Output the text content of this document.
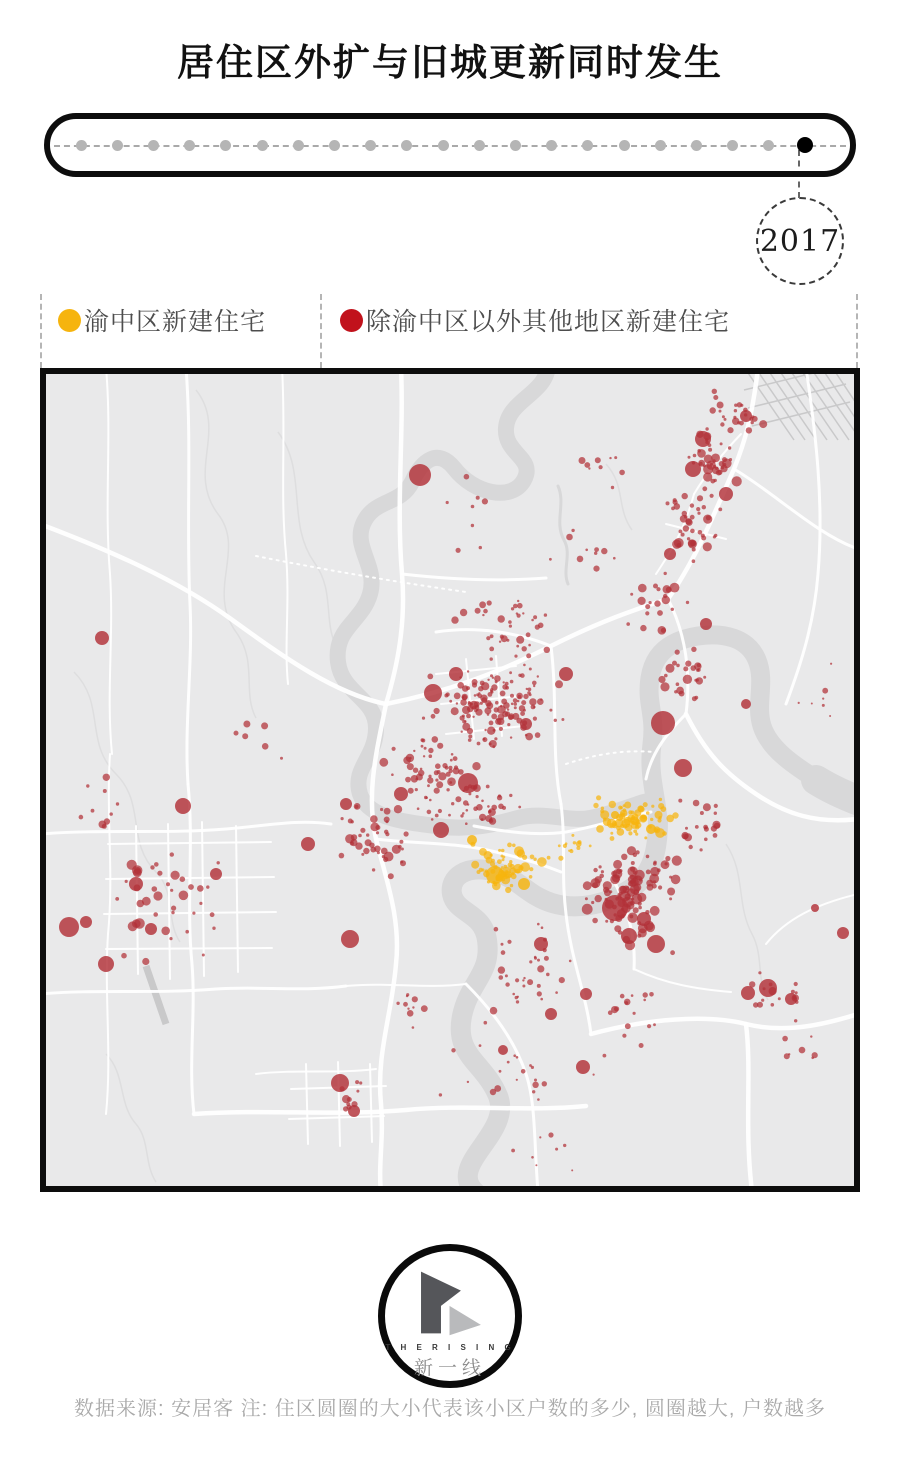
居住区外扩与旧城更新同时发生
2017
渝中区新建住宅	除渝中区以外其他地区新建住宅
T H E R I S I N G
新一线
数据来源: 安居客 注: 住区圆圈的大小代表该小区户数的多少, 圆圈越大, 户数越多
